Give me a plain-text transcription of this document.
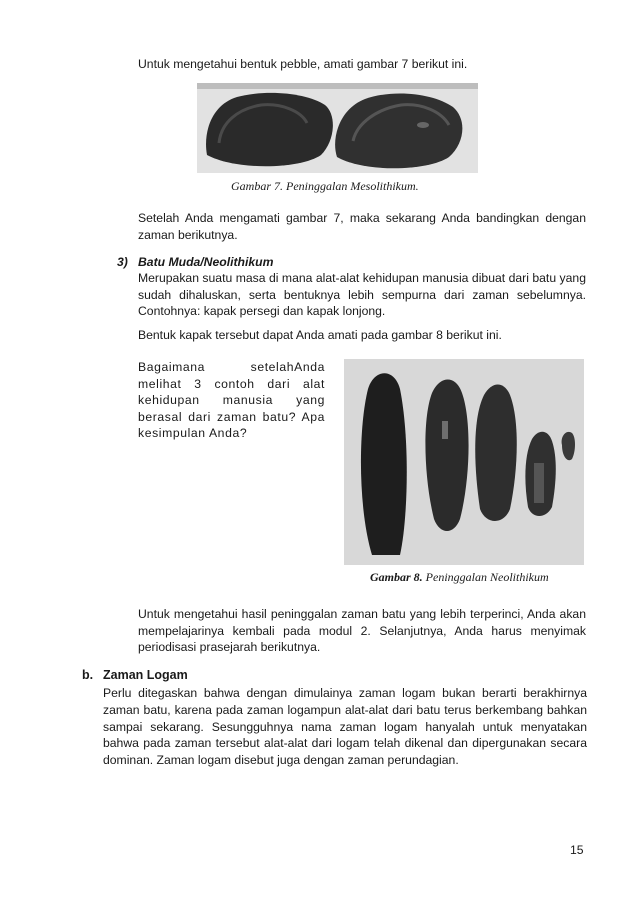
Untuk mengetahui bentuk pebble, amati gambar 7 berikut ini.
Gambar 7. Peninggalan Mesolithikum.
Setelah Anda mengamati gambar 7, maka sekarang Anda bandingkan dengan zaman berikutnya.
3) Batu Muda/Neolithikum
Merupakan suatu masa di mana alat-alat kehidupan manusia dibuat dari batu yang sudah dihaluskan, serta bentuknya lebih sempurna dari zaman sebelumnya. Contohnya: kapak persegi dan kapak lonjong.
Bentuk kapak tersebut dapat Anda amati pada gambar 8 berikut ini.
Bagaimana setelahAnda melihat 3 contoh dari alat kehidupan manusia yang berasal dari zaman batu? Apa kesimpulan Anda?
Gambar 8. Peninggalan Neolithikum
Untuk mengetahui hasil peninggalan zaman batu yang lebih terperinci, Anda akan mempelajarinya kembali pada modul 2. Selanjutnya, Anda harus menyimak periodisasi prasejarah berikutnya.
b. Zaman Logam
Perlu ditegaskan bahwa dengan dimulainya zaman logam bukan berarti berakhirnya zaman batu, karena pada zaman logampun alat-alat dari batu terus berkembang bahkan sampai sekarang. Sesungguhnya nama zaman logam hanyalah untuk menyatakan bahwa pada zaman tersebut alat-alat dari logam telah dikenal dan dipergunakan secara dominan. Zaman logam disebut juga dengan zaman perundagian.
15
